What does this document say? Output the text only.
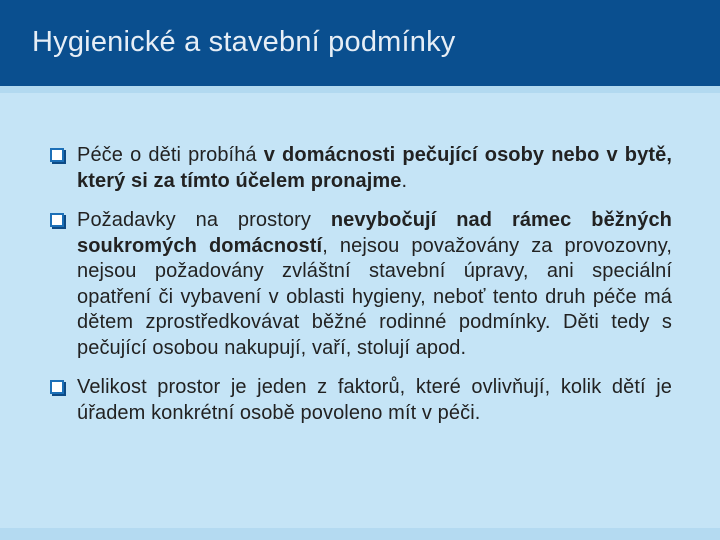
Hygienické a stavební podmínky
Péče o děti probíhá v domácnosti pečující osoby nebo v bytě, který si za tímto účelem pronajme.
Požadavky na prostory nevybočují nad rámec běžných soukromých domácností, nejsou považovány za provozovny, nejsou požadovány zvláštní stavební úpravy, ani speciální opatření či vybavení v oblasti hygieny, neboť tento druh péče má dětem zprostředkovávat běžné rodinné podmínky. Děti tedy s pečující osobou nakupují, vaří, stolují apod.
Velikost prostor je jeden z faktorů, které ovlivňují, kolik dětí je úřadem konkrétní osobě povoleno mít v péči.
